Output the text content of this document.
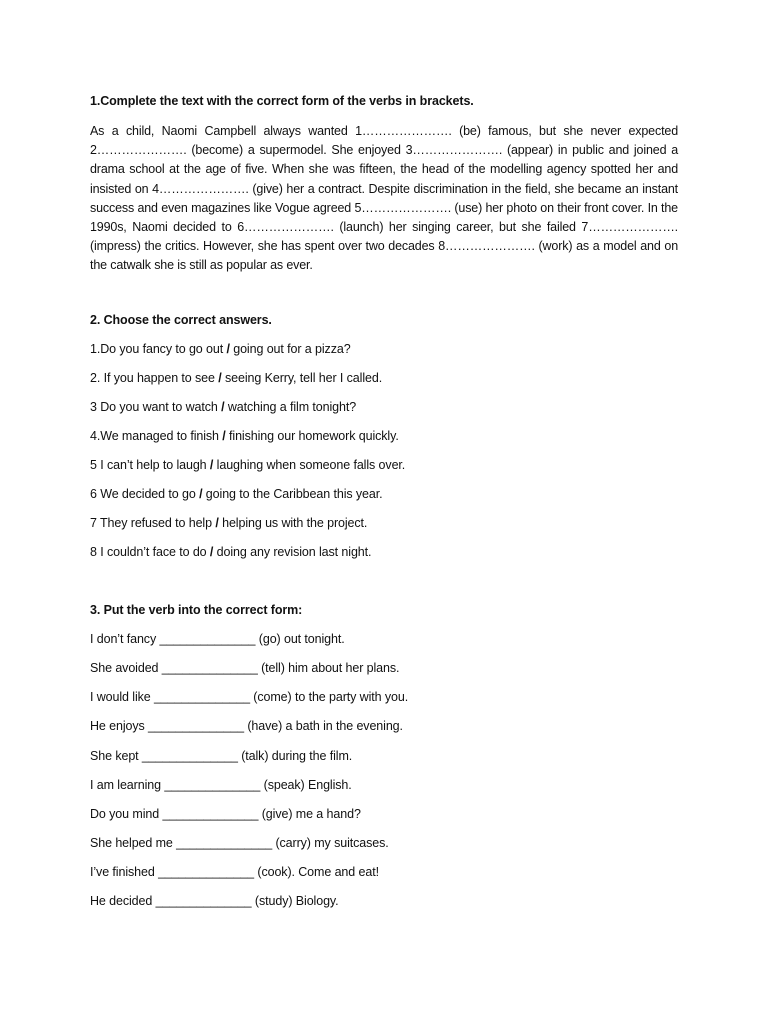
1.Complete the text with the correct form of the verbs in brackets.
As a child, Naomi Campbell always wanted 1…………………. (be) famous, but she never expected 2…………………. (become) a supermodel. She enjoyed 3…………………. (appear) in public and joined a drama school at the age of five. When she was fifteen, the head of the modelling agency spotted her and insisted on 4…………………. (give) her a contract. Despite discrimination in the field, she became an instant success and even magazines like Vogue agreed 5…………………. (use) her photo on their front cover. In the 1990s, Naomi decided to 6…………………. (launch) her singing career, but she failed 7…………………. (impress) the critics. However, she has spent over two decades 8…………………. (work) as a model and on the catwalk she is still as popular as ever.
2. Choose the correct answers.
1.Do you fancy to go out / going out for a pizza?
2. If you happen to see / seeing Kerry, tell her I called.
3 Do you want to watch / watching a film tonight?
4.We managed to finish / finishing our homework quickly.
5 I can’t help to laugh / laughing when someone falls over.
6 We decided to go / going to the Caribbean this year.
7 They refused to help / helping us with the project.
8 I couldn’t face to do / doing any revision last night.
3. Put the verb into the correct form:
I don’t fancy ______________ (go) out tonight.
She avoided ______________ (tell) him about her plans.
I would like ______________ (come) to the party with you.
He enjoys ______________ (have) a bath in the evening.
She kept ______________ (talk) during the film.
I am learning ______________ (speak) English.
Do you mind ______________ (give) me a hand?
She helped me ______________ (carry) my suitcases.
I’ve finished ______________ (cook). Come and eat!
He decided ______________ (study) Biology.
